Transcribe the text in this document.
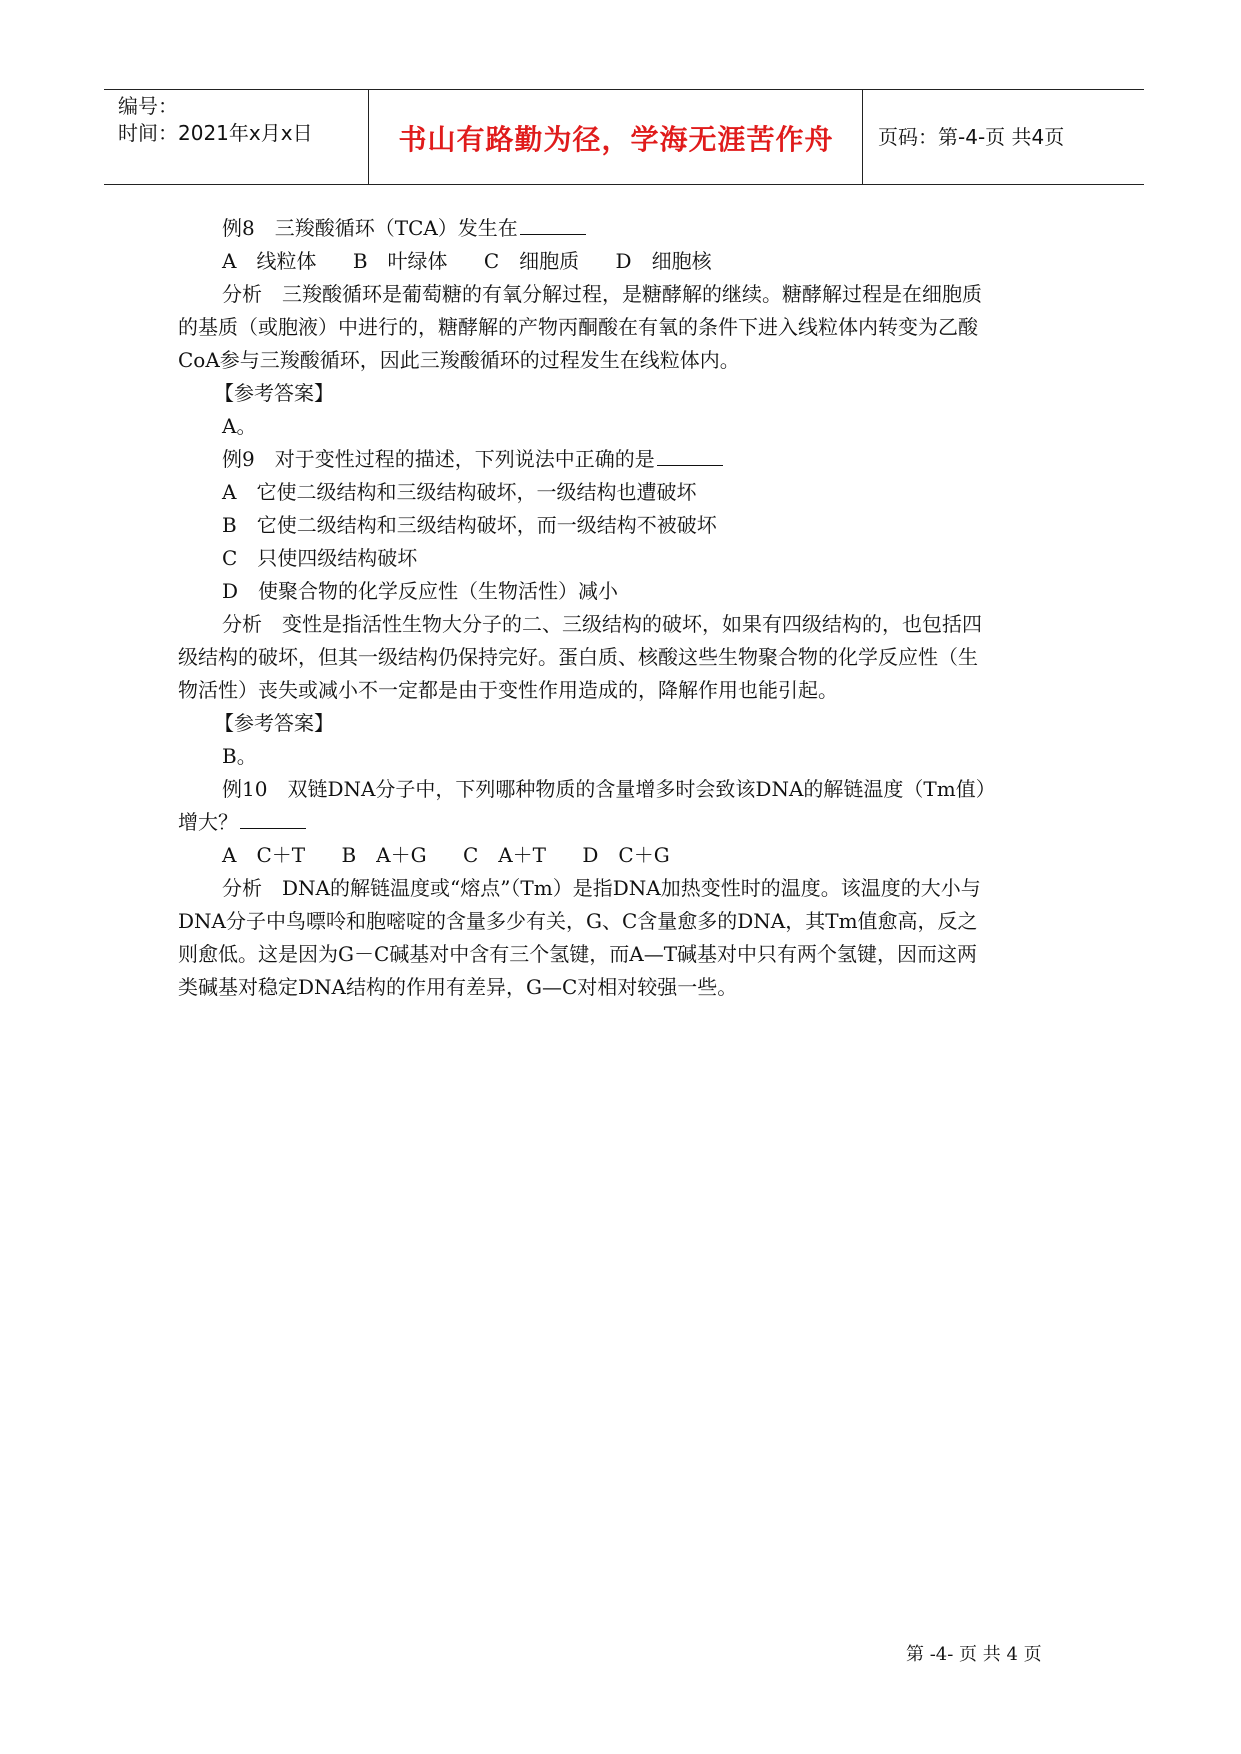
编号：
时间：2021年x月x日	书山有路勤为径，学海无涯苦作舟	页码：第-4-页 共4页
例8　三羧酸循环（TCA）发生在
A　线粒体 B　叶绿体 C　细胞质 D　细胞核
分析　三羧酸循环是葡萄糖的有氧分解过程，是糖酵解的继续。糖酵解过程是在细胞质
的基质（或胞液）中进行的，糖酵解的产物丙酮酸在有氧的条件下进入线粒体内转变为乙酸
CoA参与三羧酸循环，因此三羧酸循环的过程发生在线粒体内。
【参考答案】
A。
例9　对于变性过程的描述，下列说法中正确的是
A　它使二级结构和三级结构破坏，一级结构也遭破坏
B　它使二级结构和三级结构破坏，而一级结构不被破坏
C　只使四级结构破坏
D　使聚合物的化学反应性（生物活性）减小
分析　变性是指活性生物大分子的二、三级结构的破坏，如果有四级结构的，也包括四
级结构的破坏，但其一级结构仍保持完好。蛋白质、核酸这些生物聚合物的化学反应性（生
物活性）丧失或减小不一定都是由于变性作用造成的，降解作用也能引起。
【参考答案】
B。
例10　双链DNA分子中，下列哪种物质的含量增多时会致该DNA的解链温度（Tm值）
增大？
A　C＋T B　A＋G C　A＋T D　C＋G
分析　DNA的解链温度或“熔点”（Tm）是指DNA加热变性时的温度。该温度的大小与
DNA分子中鸟嘌呤和胞嘧啶的含量多少有关，G、C含量愈多的DNA，其Tm值愈高，反之
则愈低。这是因为G－C碱基对中含有三个氢键，而A—T碱基对中只有两个氢键，因而这两
类碱基对稳定DNA结构的作用有差异，G—C对相对较强一些。
第 -4- 页 共 4 页
